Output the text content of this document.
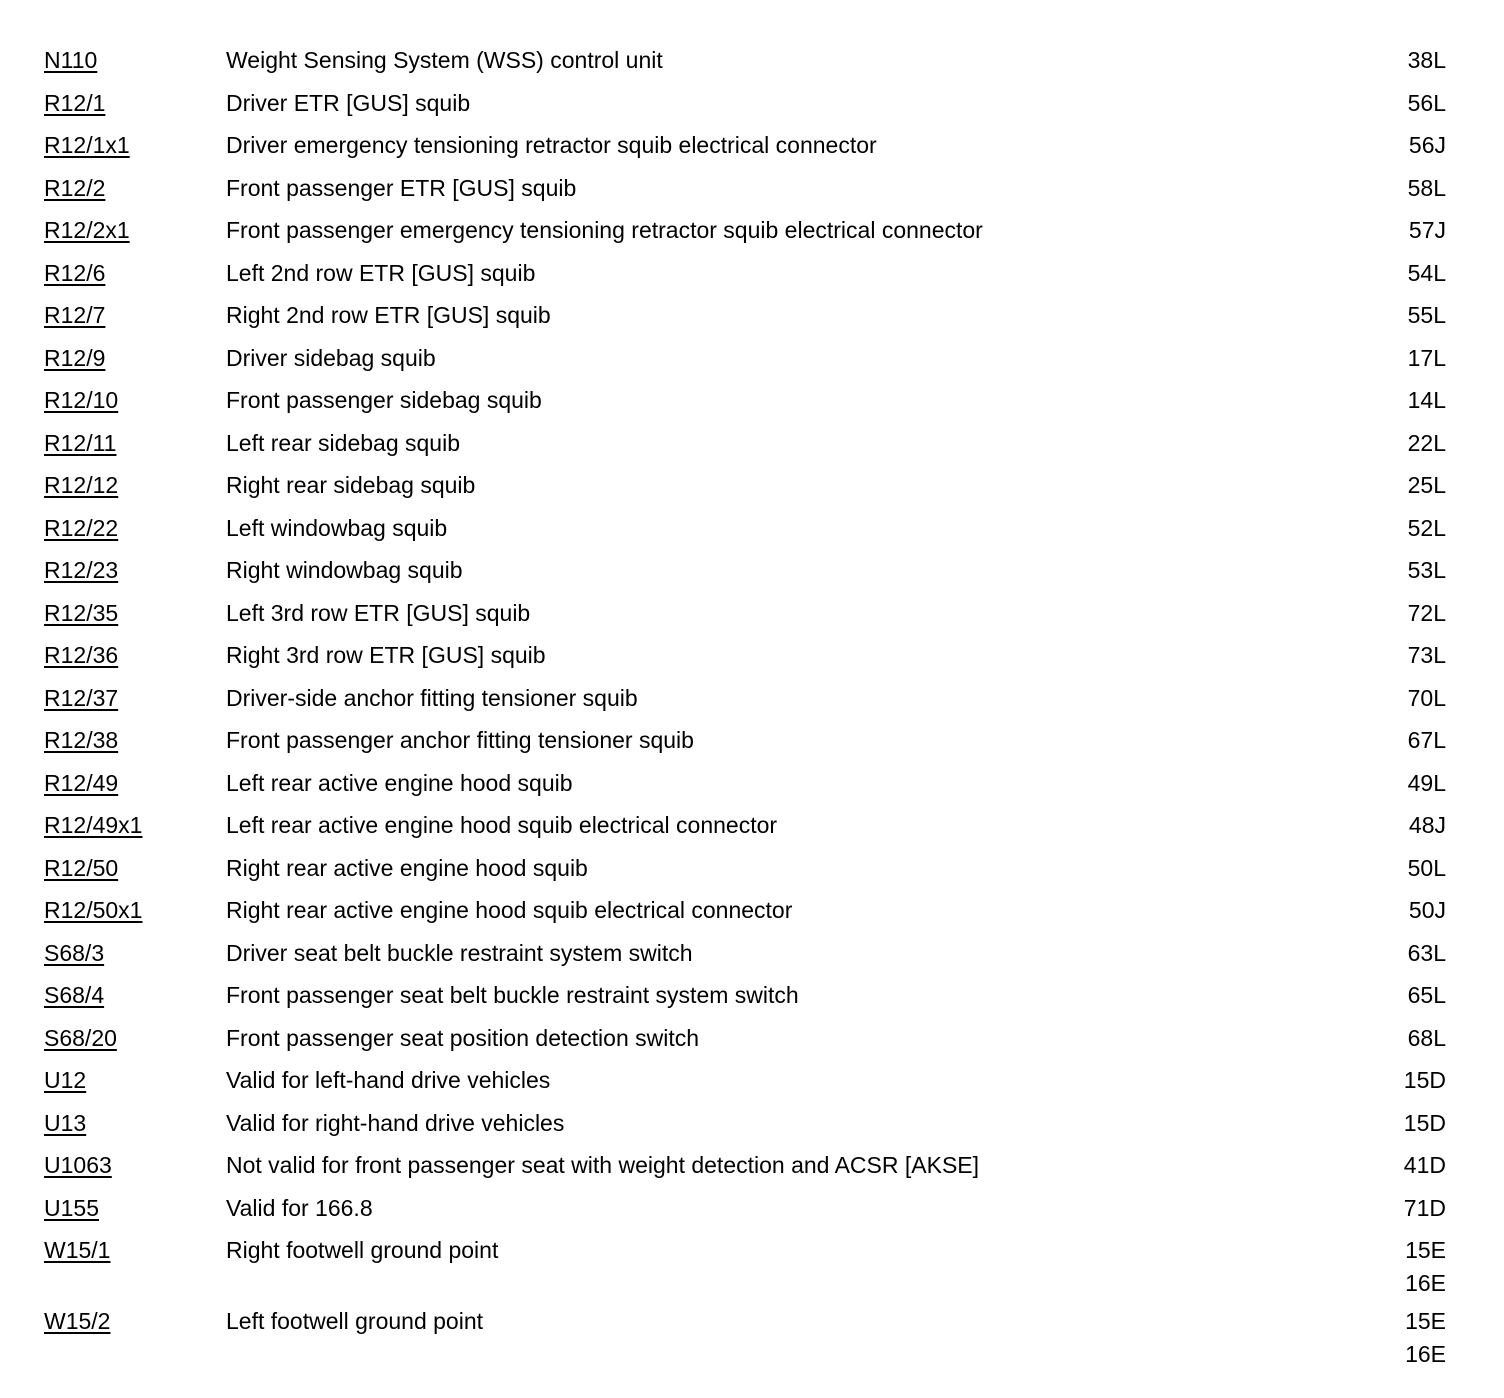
N110	Weight Sensing System (WSS) control unit	38L
R12/1	Driver ETR [GUS] squib	56L
R12/1x1	Driver emergency tensioning retractor squib electrical connector	56J
R12/2	Front passenger ETR [GUS] squib	58L
R12/2x1	Front passenger emergency tensioning retractor squib electrical connector	57J
R12/6	Left 2nd row ETR [GUS] squib	54L
R12/7	Right 2nd row ETR [GUS] squib	55L
R12/9	Driver sidebag squib	17L
R12/10	Front passenger sidebag squib	14L
R12/11	Left rear sidebag squib	22L
R12/12	Right rear sidebag squib	25L
R12/22	Left windowbag squib	52L
R12/23	Right windowbag squib	53L
R12/35	Left 3rd row ETR [GUS] squib	72L
R12/36	Right 3rd row ETR [GUS] squib	73L
R12/37	Driver-side anchor fitting tensioner squib	70L
R12/38	Front passenger anchor fitting tensioner squib	67L
R12/49	Left rear active engine hood squib	49L
R12/49x1	Left rear active engine hood squib electrical connector	48J
R12/50	Right rear active engine hood squib	50L
R12/50x1	Right rear active engine hood squib electrical connector	50J
S68/3	Driver seat belt buckle restraint system switch	63L
S68/4	Front passenger seat belt buckle restraint system switch	65L
S68/20	Front passenger seat position detection switch	68L
U12	Valid for left-hand drive vehicles	15D
U13	Valid for right-hand drive vehicles	15D
U1063	Not valid for front passenger seat with weight detection and ACSR [AKSE]	41D
U155	Valid for 166.8	71D
W15/1	Right footwell ground point	15E
16E
W15/2	Left footwell ground point	15E
16E
